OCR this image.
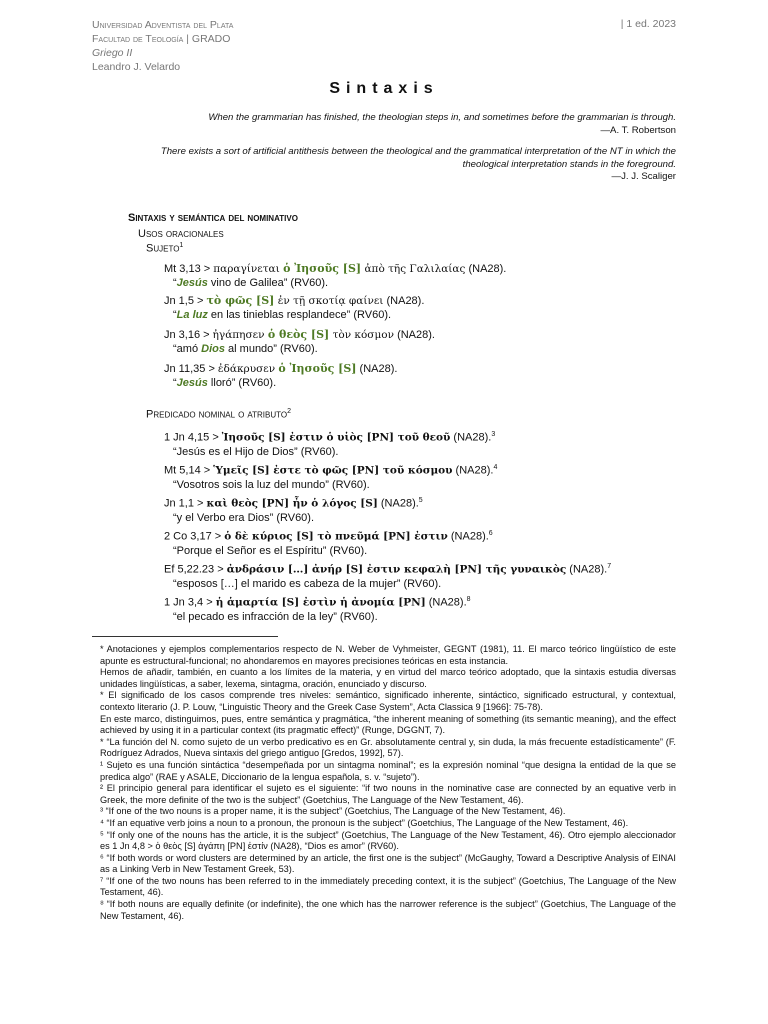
Universidad Adventista del Plata
Facultad de Teología | GRADO
Griego II
Leandro J. Velardo
| 1 ed. 2023
Sintaxis
When the grammarian has finished, the theologian steps in, and sometimes before the grammarian is through.
—A. T. Robertson
There exists a sort of artificial antithesis between the theological and the grammatical interpretation of the NT in which the theological interpretation stands in the foreground.
—J. J. Scaliger
Sintaxis y semántica del nominativo
Usos oracionales
Sujeto$^1$
Mt 3,13 > παραγίνεται ὁ Ἰησοῦς [S] ἀπὸ τῆς Γαλιλαίας (NA28).
“Jesús vino de Galilea” (RV60).
Jn 1,5 > τὸ φῶς [S] ἐν τῇ σκοτίᾳ φαίνει (NA28).
“La luz en las tinieblas resplandece” (RV60).
Jn 3,16 > ἠγάπησεν ὁ θεὸς [S] τὸν κόσμον (NA28).
“amó Dios al mundo” (RV60).
Jn 11,35 > ἐδάκρυσεν ὁ Ἰησοῦς [S] (NA28).
“Jesús lloró” (RV60).
Predicado nominal o atributo$^2$
1 Jn 4,15 > Ἰησοῦς [S] ἐστιν ὁ υἱὸς [PN] τοῦ θεοῦ (NA28).$^3$
“Jesús es el Hijo de Dios” (RV60).
Mt 5,14 > Ὑμεῖς [S] ἐστε τὸ φῶς [PN] τοῦ κόσμου (NA28).$^4$
“Vosotros sois la luz del mundo” (RV60).
Jn 1,1 > καὶ θεὸς [PN] ἦν ὁ λόγος [S] (NA28).$^5$
“y el Verbo era Dios” (RV60).
2 Co 3,17 > ὁ δὲ κύριος [S] τὸ πνεῦμά [PN] ἐστιν (NA28).$^6$
“Porque el Señor es el Espíritu” (RV60).
Ef 5,22.23 > ἀνδράσιν […] ἀνήρ [S] ἐστιν κεφαλὴ [PN] τῆς γυναικὸς (NA28).$^7$
“esposos […] el marido es cabeza de la mujer” (RV60).
1 Jn 3,4 > ἡ ἁμαρτία [S] ἐστὶν ἡ ἀνομία [PN] (NA28).$^8$
“el pecado es infracción de la ley” (RV60).
* Anotaciones y ejemplos complementarios respecto de N. Weber de Vyhmeister, GEGNT (1981), 11. El marco teórico lingüístico de este apunte es estructural-funcional; no ahondaremos en mayores precisiones teóricas en esta instancia.
Hemos de añadir, también, en cuanto a los límites de la materia, y en virtud del marco teórico adoptado, que la sintaxis estudia diversas unidades lingüísticas, a saber, lexema, sintagma, oración, enunciado y discurso.
* El significado de los casos comprende tres niveles: semántico, significado inherente, sintáctico, significado estructural, y contextual, contexto literario (J. P. Louw, “Linguistic Theory and the Greek Case System”, Acta Classica 9 [1966]: 75-78).
En este marco, distinguimos, pues, entre semántica y pragmática, “the inherent meaning of something (its semantic meaning), and the effect achieved by using it in a particular context (its pragmatic effect)” (Runge, DGGNT, 7).
* “La función del N. como sujeto de un verbo predicativo es en Gr. absolutamente central y, sin duda, la más frecuente estadísticamente” (F. Rodríguez Adrados, Nueva sintaxis del griego antiguo [Gredos, 1992], 57).
¹ Sujeto es una función sintáctica “desempeñada por un sintagma nominal”; es la expresión nominal “que designa la entidad de la que se predica algo” (RAE y ASALE, Diccionario de la lengua española, s. v. “sujeto”).
² El principio general para identificar el sujeto es el siguiente: “if two nouns in the nominative case are connected by an equative verb in Greek, the more definite of the two is the subject” (Goetchius, The Language of the New Testament, 46).
³ “If one of the two nouns is a proper name, it is the subject” (Goetchius, The Language of the New Testament, 46).
⁴ “If an equative verb joins a noun to a pronoun, the pronoun is the subject” (Goetchius, The Language of the New Testament, 46).
⁵ “If only one of the nouns has the article, it is the subject” (Goetchius, The Language of the New Testament, 46). Otro ejemplo aleccionador es 1 Jn 4,8 > ὁ θεὸς [S] ἀγάπη [PN] ἐστίν (NA28), “Dios es amor” (RV60).
⁶ “If both words or word clusters are determined by an article, the first one is the subject” (McGaughy, Toward a Descriptive Analysis of EINAI as a Linking Verb in New Testament Greek, 53).
⁷ “If one of the two nouns has been referred to in the immediately preceding context, it is the subject” (Goetchius, The Language of the New Testament, 46).
⁸ “If both nouns are equally definite (or indefinite), the one which has the narrower reference is the subject” (Goetchius, The Language of the New Testament, 46).
